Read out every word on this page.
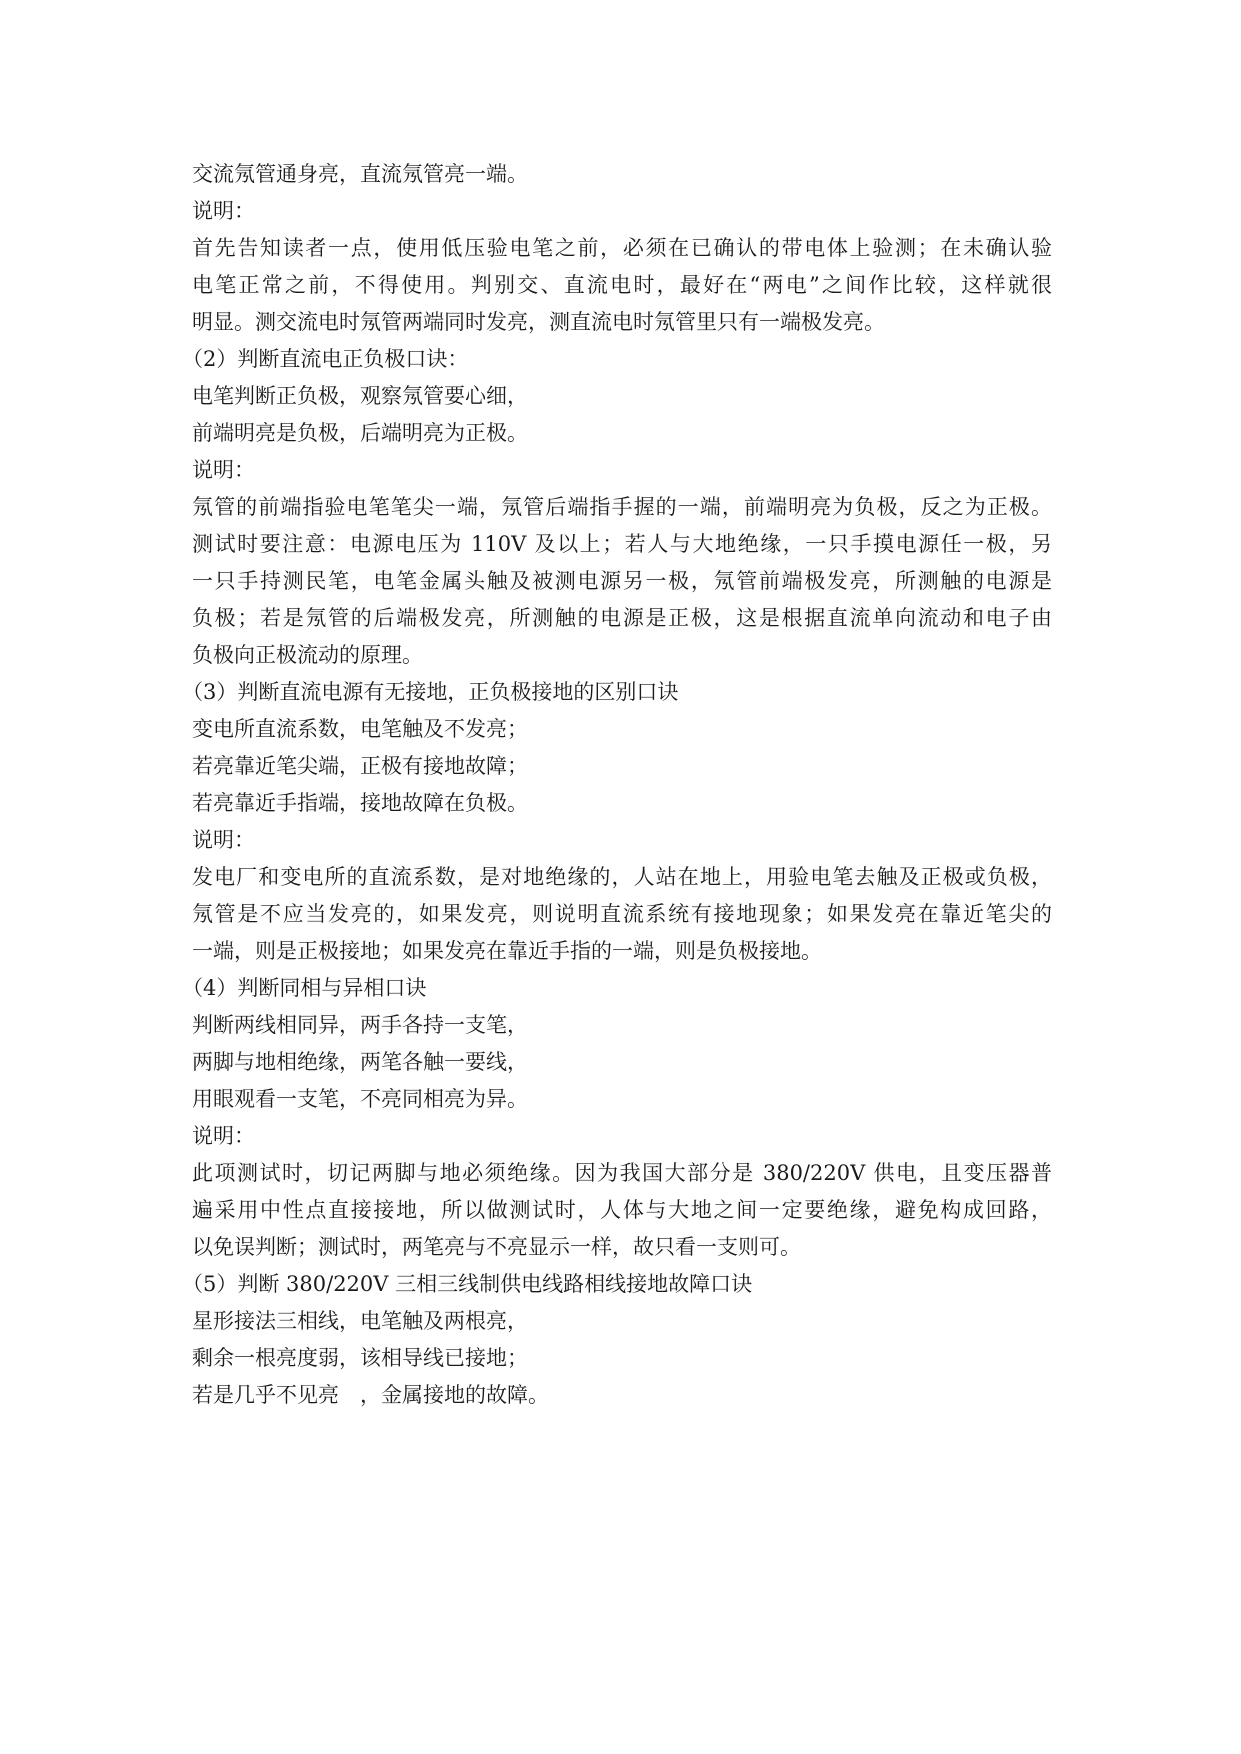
交流氖管通身亮，直流氖管亮一端。

说明：

首先告知读者一点，使用低压验电笔之前，必须在已确认的带电体上验测；在未确认验

电笔正常之前，不得使用。判别交、直流电时，最好在“两电”之间作比较，这样就很

明显。测交流电时氖管两端同时发亮，测直流电时氖管里只有一端极发亮。

（2）判断直流电正负极口诀：

电笔判断正负极，观察氖管要心细，

前端明亮是负极，后端明亮为正极。

说明：

氖管的前端指验电笔笔尖一端，氖管后端指手握的一端，前端明亮为负极，反之为正极。

测试时要注意：电源电压为 110V 及以上；若人与大地绝缘，一只手摸电源任一极，另

一只手持测民笔，电笔金属头触及被测电源另一极，氖管前端极发亮，所测触的电源是

负极；若是氖管的后端极发亮，所测触的电源是正极，这是根据直流单向流动和电子由

负极向正极流动的原理。

（3）判断直流电源有无接地，正负极接地的区别口诀

变电所直流系数，电笔触及不发亮；

若亮靠近笔尖端，正极有接地故障；

若亮靠近手指端，接地故障在负极。

说明：

发电厂和变电所的直流系数，是对地绝缘的，人站在地上，用验电笔去触及正极或负极，

氖管是不应当发亮的，如果发亮，则说明直流系统有接地现象；如果发亮在靠近笔尖的

一端，则是正极接地；如果发亮在靠近手指的一端，则是负极接地。

（4）判断同相与异相口诀

判断两线相同异，两手各持一支笔，

两脚与地相绝缘，两笔各触一要线，

用眼观看一支笔，不亮同相亮为异。

说明：

此项测试时，切记两脚与地必须绝缘。因为我国大部分是 380/220V 供电，且变压器普

遍采用中性点直接接地，所以做测试时，人体与大地之间一定要绝缘，避免构成回路，

以免误判断；测试时，两笔亮与不亮显示一样，故只看一支则可。

（5）判断 380/220V 三相三线制供电线路相线接地故障口诀

星形接法三相线，电笔触及两根亮，

剩余一根亮度弱，该相导线已接地；

若是几乎不见亮　，金属接地的故障。
